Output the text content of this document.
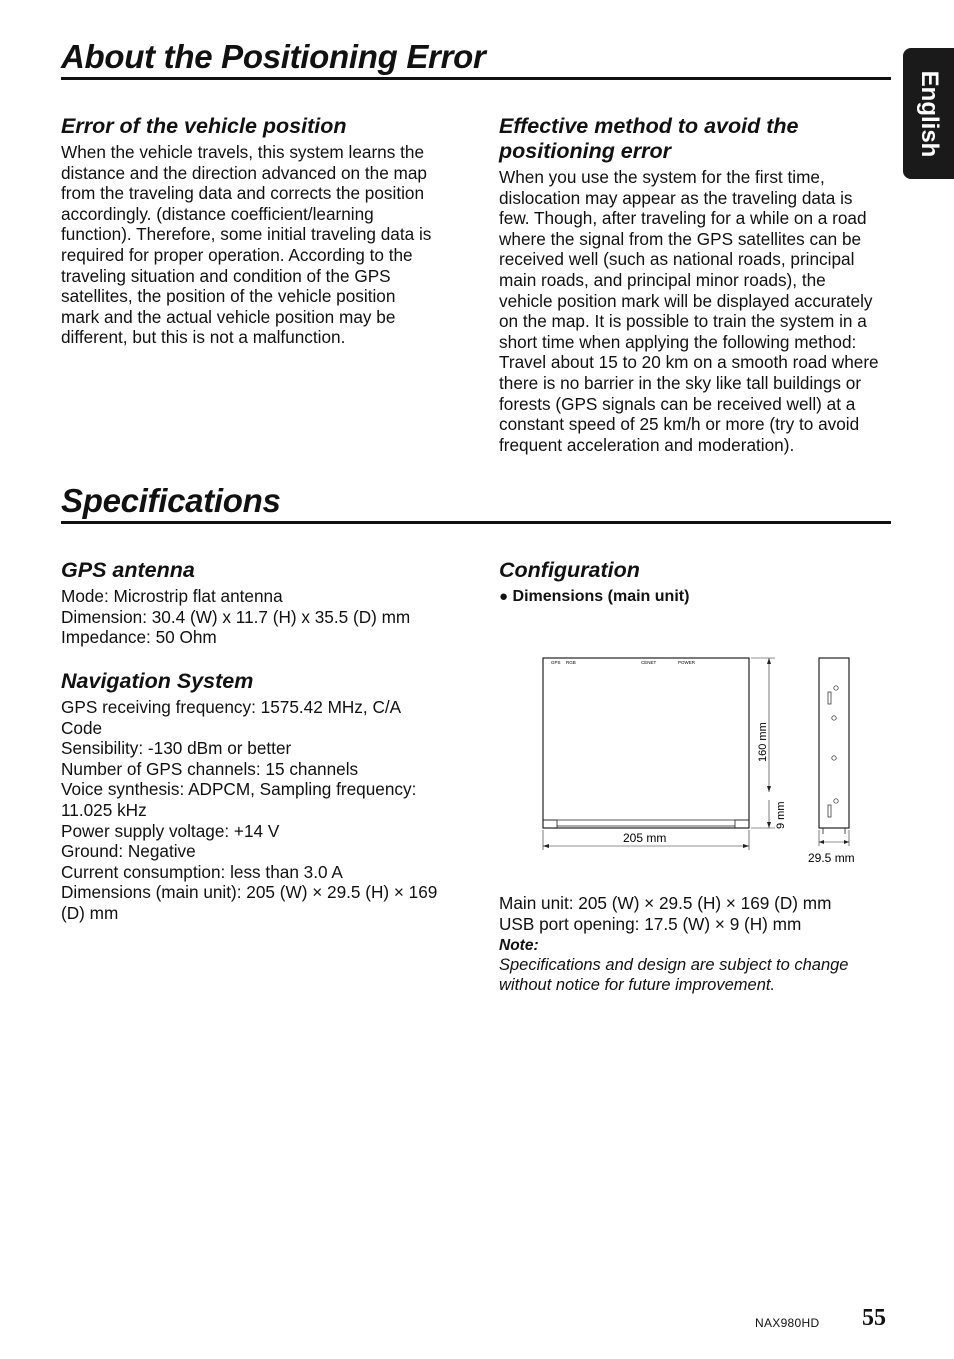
English
About the Positioning Error
Error of the vehicle position

When the vehicle travels, this system learns the
distance and the direction advanced on the map
from the traveling data and corrects the position
accordingly. (distance coefficient/learning
function). Therefore, some initial traveling data is
required for proper operation. According to the
traveling situation and condition of the GPS
satellites, the position of the vehicle position
mark and the actual vehicle position may be
different, but this is not a malfunction.

Effective method to avoid the
positioning error

When you use the system for the first time,
dislocation may appear as the traveling data is
few. Though, after traveling for a while on a road
where the signal from the GPS satellites can be
received well (such as national roads, principal
main roads, and principal minor roads), the
vehicle position mark will be displayed accurately
on the map. It is possible to train the system in a
short time when applying the following method:
Travel about 15 to 20 km on a smooth road where
there is no barrier in the sky like tall buildings or
forests (GPS signals can be received well) at a
constant speed of 25 km/h or more (try to avoid
frequent acceleration and moderation).

Specifications
GPS antenna

Mode: Microstrip flat antenna
Dimension: 30.4 (W) x 11.7 (H) x 35.5 (D) mm
Impedance: 50 Ohm

Navigation System

GPS receiving frequency: 1575.42 MHz, C/A
Code
Sensibility: -130 dBm or better
Number of GPS channels: 15 channels
Voice synthesis: ADPCM, Sampling frequency:
11.025 kHz
Power supply voltage: +14 V
Ground: Negative
Current consumption: less than 3.0 A
Dimensions (main unit): 205 (W) × 29.5 (H) × 169
(D) mm

Configuration
● Dimensions (main unit)
GPS RGB	CENET	POWER
160 mm
9 mm
205 mm
29.5 mm

Main unit: 205 (W) × 29.5 (H) × 169 (D) mm
USB port opening: 17.5 (W) × 9 (H) mm

Note:
Specifications and design are subject to change
without notice for future improvement.
NAX980HD 55
